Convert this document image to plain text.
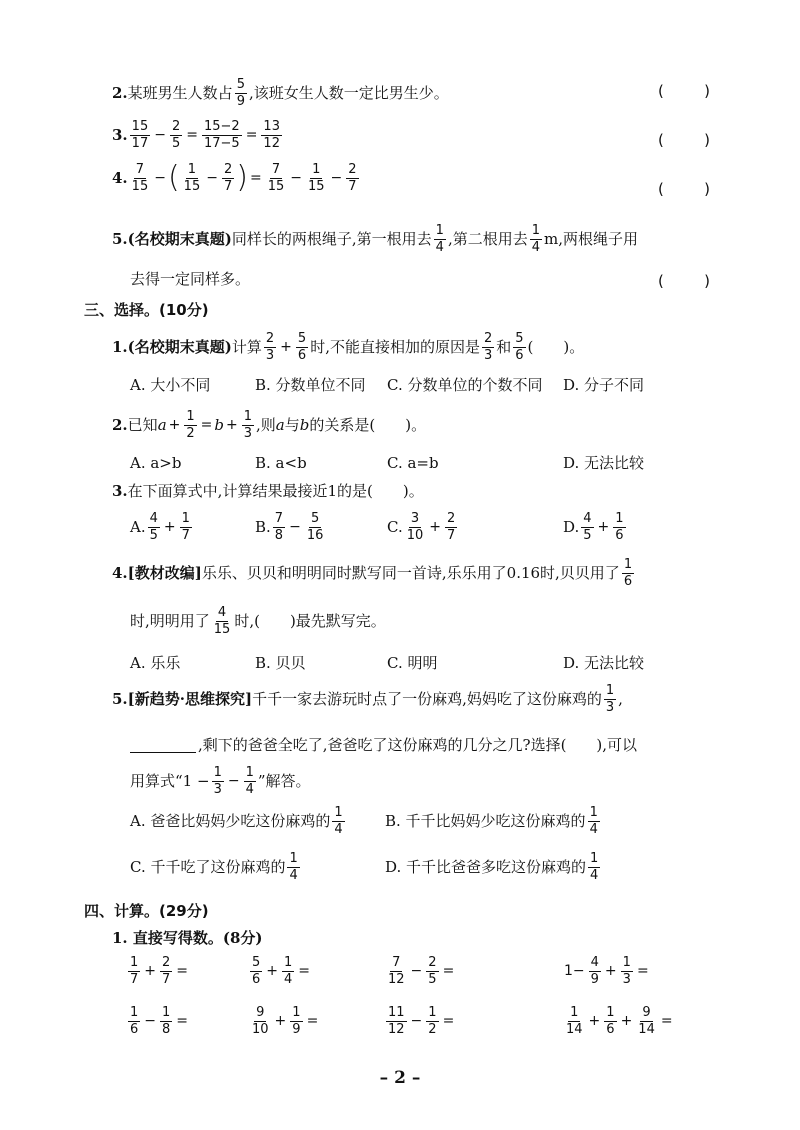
2. 某班男生人数占 $\frac{5}{9}$ ,该班女生人数一定比男生少。	(	)
3. $\frac{15}{17} - \frac{2}{5} = \frac{15-2}{17-5} = \frac{13}{12}$	(	)
4. $\frac{7}{15}$ − ( $\frac{1}{15} - \frac{2}{7}$ ) = $\frac{7}{15} - \frac{1}{15} - \frac{2}{7}$	(	)
5. (名校期末真题) 同样长的两根绳子,第一根用去 $\frac{1}{4}$ ,第二根用去 $\frac{1}{4} m$,两根绳子用
去得一定同样多。	(	)
三、选择。(10分)
1. (名校期末真题) 计算 $\frac{2}{3} + \frac{5}{6}$ 时,不能直接相加的原因是 $\frac{2}{3}$ 和 $\frac{5}{6}$ (　　)。
A. 大小不同	B. 分数单位不同 C. 分数单位的个数不同 D. 分子不同
2. 已知 $a + \frac{1}{2} = b + \frac{1}{3}$ ,则 a 与 b 的关系是(　　)。
A. a>b	B. a<b	C. a=b	D. 无法比较
3. 在下面算式中,计算结果最接近1的是(　　)。
A. $\frac{4}{5} + \frac{1}{7}$	B. $\frac{7}{8} - \frac{5}{16}$	C. $\frac{3}{10} + \frac{2}{7}$	D. $\frac{4}{5} + \frac{1}{6}$
4. [教材改编] 乐乐、贝贝和明明同时默写同一首诗,乐乐用了0.16时,贝贝用了 $\frac{1}{6}$
时,明明用了 $\frac{4}{15}$ 时,(　　)最先默写完。
A. 乐乐	B. 贝贝	C. 明明	D. 无法比较
5. [新趋势·思维探究] 千千一家去游玩时点了一份麻鸡,妈妈吃了这份麻鸡的 $\frac{1}{3}$ ,
,剩下的爸爸全吃了,爸爸吃了这份麻鸡的几分之几?选择(　　),可以
用算式“$1 - \frac{1}{3} - \frac{1}{4}$ ”解答。
A. 爸爸比妈妈少吃这份麻鸡的 $\frac{1}{4}$	B. 千千比妈妈少吃这份麻鸡的 $\frac{1}{4}$
C. 千千吃了这份麻鸡的 $\frac{1}{4}$	D. 千千比爸爸多吃这份麻鸡的 $\frac{1}{4}$
四、计算。(29分)
1. 直接写得数。(8分)
$\frac{1}{7} + \frac{2}{7}$ =	$\frac{5}{6} + \frac{1}{4}$ =	$\frac{7}{12} - \frac{2}{5}$ =	$1- \frac{4}{9} + \frac{1}{3}$ =
$\frac{1}{6} - \frac{1}{8}$ =	$\frac{9}{10} + \frac{1}{9}$ =	$\frac{11}{12} - \frac{1}{2}$ =	$\frac{1}{14} + \frac{1}{6} + \frac{9}{14}$ =
– 2 –
